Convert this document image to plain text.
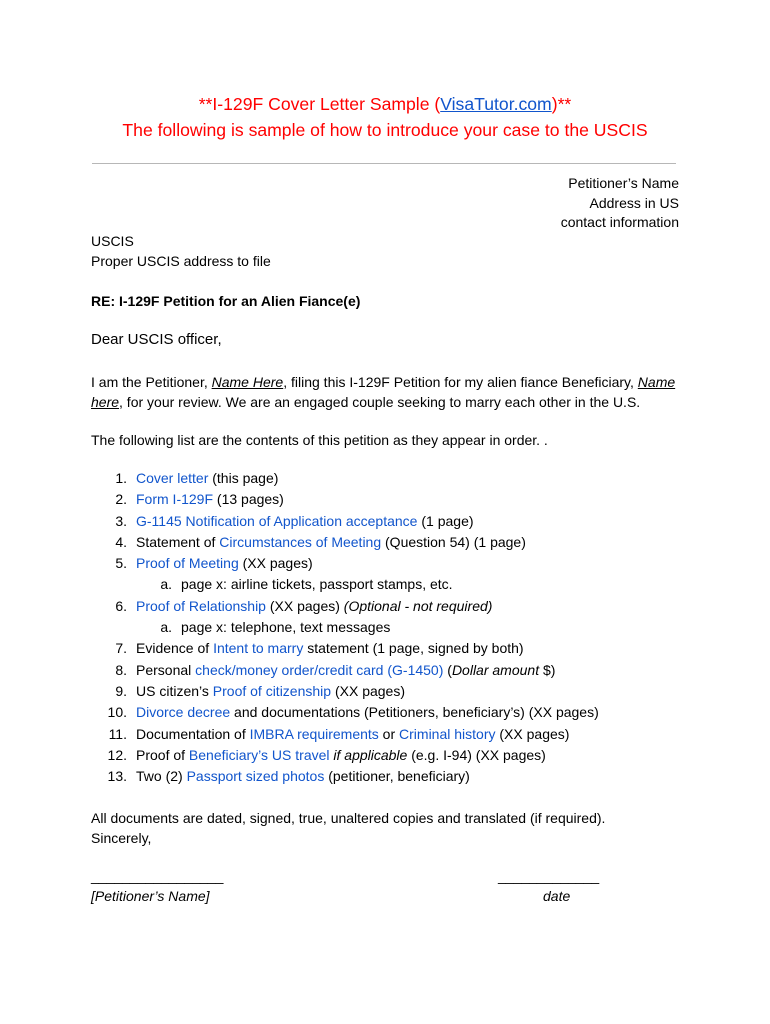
**I-129F Cover Letter Sample (VisaTutor.com)**
The following is sample of how to introduce your case to the USCIS
Petitioner’s Name
Address in US
contact information
USCIS
Proper USCIS address to file
RE: I-129F Petition for an Alien Fiance(e)
Dear USCIS officer,

I am the Petitioner, Name Here, filing this I-129F Petition for my alien fiance Beneficiary, Name here, for your review. We are an engaged couple seeking to marry each other in the U.S.

The following list are the contents of this petition as they appear in order. .
1. Cover letter (this page)
2. Form I-129F (13 pages)
3. G-1145 Notification of Application acceptance (1 page)
4. Statement of Circumstances of Meeting (Question 54) (1 page)
5. Proof of Meeting (XX pages)
a. page x: airline tickets, passport stamps, etc.
6. Proof of Relationship (XX pages) (Optional - not required)
a. page x: telephone, text messages
7. Evidence of Intent to marry statement (1 page, signed by both)
8. Personal check/money order/credit card (G-1450) (Dollar amount $)
9. US citizen’s Proof of citizenship (XX pages)
10. Divorce decree and documentations (Petitioners, beneficiary’s) (XX pages)
11. Documentation of IMBRA requirements or Criminal history (XX pages)
12. Proof of Beneficiary’s US travel if applicable (e.g. I-94) (XX pages)
13. Two (2) Passport sized photos (petitioner, beneficiary)
All documents are dated, signed, true, unaltered copies and translated (if required).
Sincerely,
_________________	_____________
[Petitioner’s Name]	date
